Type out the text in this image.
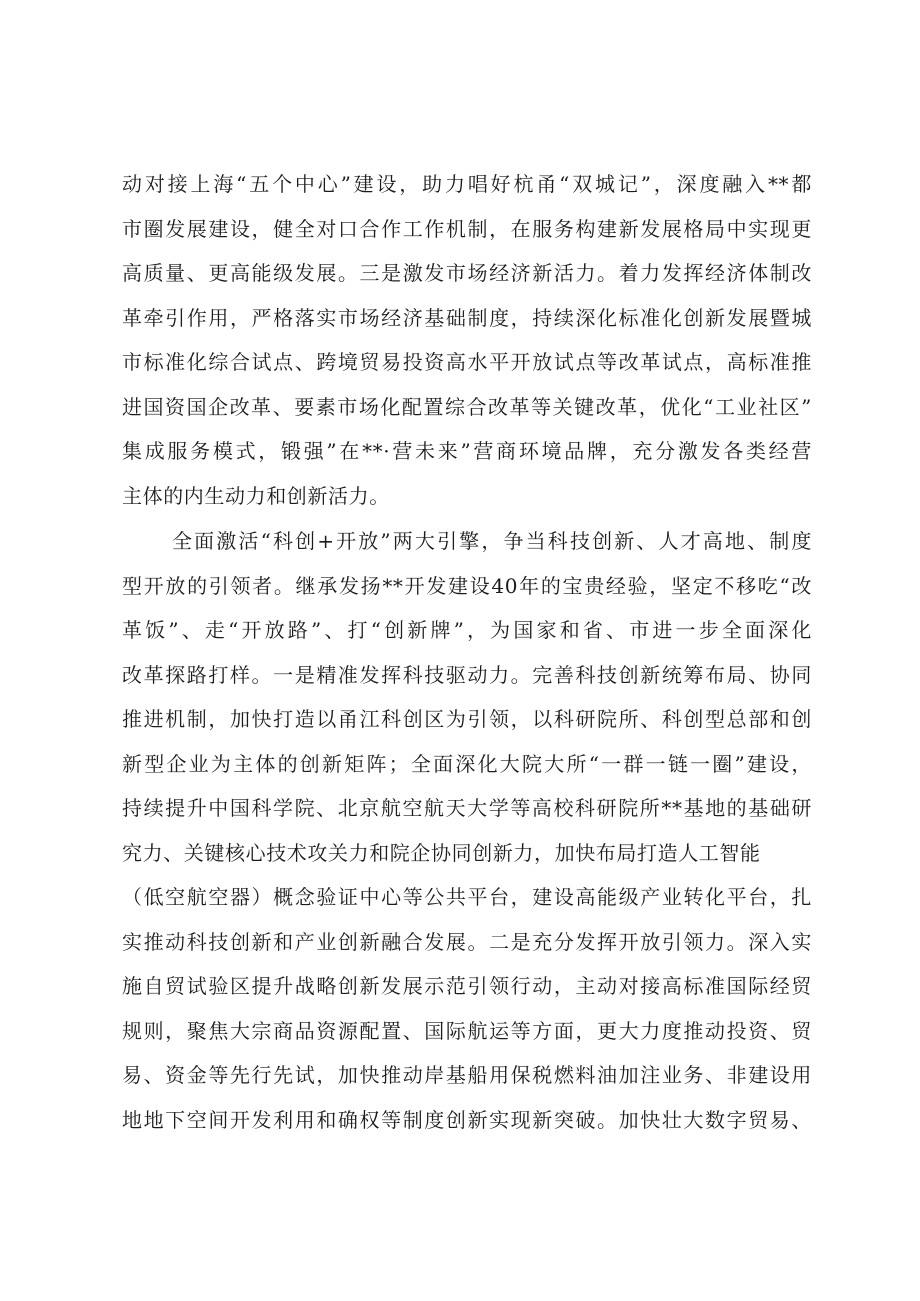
动对接上海“五个中心”建设，助力唱好杭甬“双城记”，深度融入**都
市圈发展建设，健全对口合作工作机制，在服务构建新发展格局中实现更
高质量、更高能级发展。三是激发市场经济新活力。着力发挥经济体制改
革牵引作用，严格落实市场经济基础制度，持续深化标准化创新发展暨城
市标准化综合试点、跨境贸易投资高水平开放试点等改革试点，高标准推
进国资国企改革、要素市场化配置综合改革等关键改革，优化“工业社区”
集成服务模式，锻强”在**·营未来”营商环境品牌，充分激发各类经营
主体的内生动力和创新活力。
全面激活“科创+开放”两大引擎，争当科技创新、人才高地、制度
型开放的引领者。继承发扬**开发建设40年的宝贵经验，坚定不移吃“改
革饭”、走“开放路”、打“创新牌”，为国家和省、市进一步全面深化
改革探路打样。一是精准发挥科技驱动力。完善科技创新统筹布局、协同
推进机制，加快打造以甬江科创区为引领，以科研院所、科创型总部和创
新型企业为主体的创新矩阵；全面深化大院大所“一群一链一圈”建设，
持续提升中国科学院、北京航空航天大学等高校科研院所**基地的基础研
究力、关键核心技术攻关力和院企协同创新力，加快布局打造人工智能
（低空航空器）概念验证中心等公共平台，建设高能级产业转化平台，扎
实推动科技创新和产业创新融合发展。二是充分发挥开放引领力。深入实
施自贸试验区提升战略创新发展示范引领行动，主动对接高标准国际经贸
规则，聚焦大宗商品资源配置、国际航运等方面，更大力度推动投资、贸
易、资金等先行先试，加快推动岸基船用保税燃料油加注业务、非建设用
地地下空间开发利用和确权等制度创新实现新突破。加快壮大数字贸易、
